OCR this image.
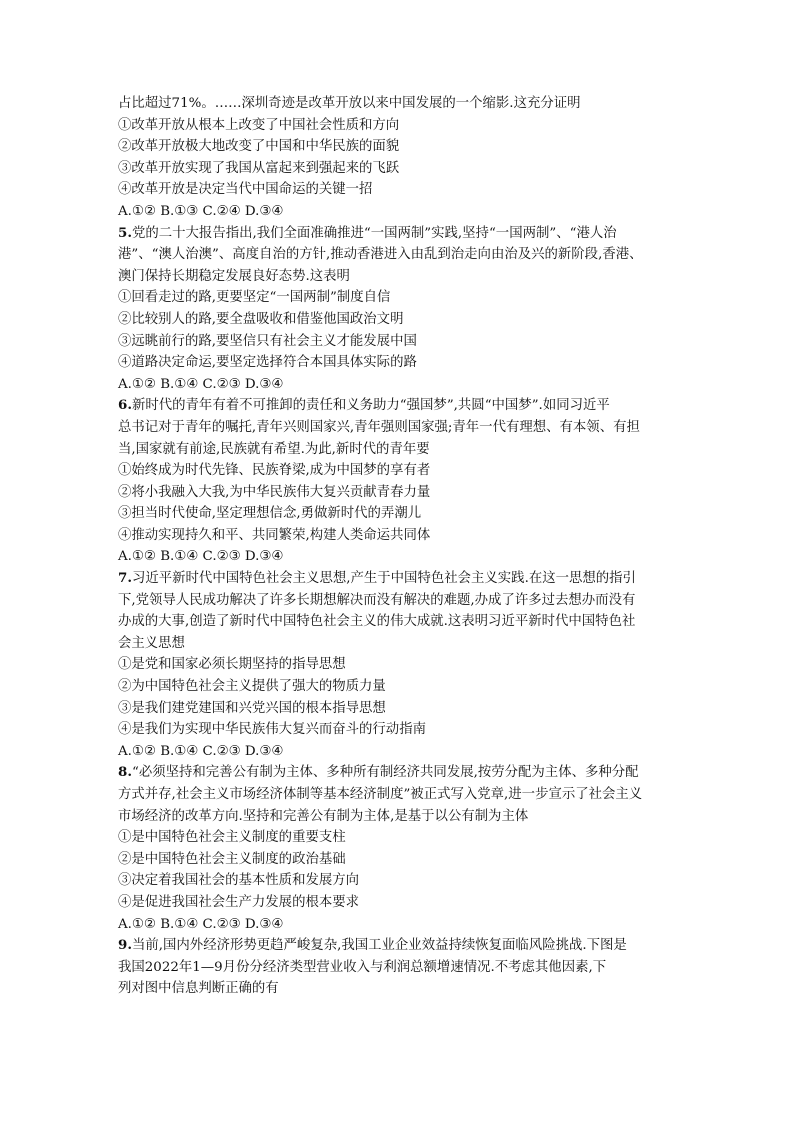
占比超过71%。……深圳奇迹是改革开放以来中国发展的一个缩影.这充分证明
①改革开放从根本上改变了中国社会性质和方向
②改革开放极大地改变了中国和中华民族的面貌
③改革开放实现了我国从富起来到强起来的飞跃
④改革开放是决定当代中国命运的关键一招
A.①② B.①③ C.②④ D.③④
5.党的二十大报告指出,我们全面准确推进“一国两制”实践,坚持“一国两制”、“港人治
港”、“澳人治澳”、高度自治的方针,推动香港进入由乱到治走向由治及兴的新阶段,香港、
澳门保持长期稳定发展良好态势.这表明
①回看走过的路,更要坚定“一国两制”制度自信
②比较别人的路,要全盘吸收和借鉴他国政治文明
③远眺前行的路,要坚信只有社会主义才能发展中国
④道路决定命运,要坚定选择符合本国具体实际的路
A.①② B.①④ C.②③ D.③④
6.新时代的青年有着不可推卸的责任和义务助力“强国梦”,共圆“中国梦”.如同习近平
总书记对于青年的嘱托,青年兴则国家兴,青年强则国家强;青年一代有理想、有本领、有担
当,国家就有前途,民族就有希望.为此,新时代的青年要
①始终成为时代先锋、民族脊梁,成为中国梦的享有者
②将小我融入大我,为中华民族伟大复兴贡献青春力量
③担当时代使命,坚定理想信念,勇做新时代的弄潮儿
④推动实现持久和平、共同繁荣,构建人类命运共同体
A.①② B.①④ C.②③ D.③④
7.习近平新时代中国特色社会主义思想,产生于中国特色社会主义实践.在这一思想的指引
下,党领导人民成功解决了许多长期想解决而没有解决的难题,办成了许多过去想办而没有
办成的大事,创造了新时代中国特色社会主义的伟大成就.这表明习近平新时代中国特色社
会主义思想
①是党和国家必须长期坚持的指导思想
②为中国特色社会主义提供了强大的物质力量
③是我们建党建国和兴党兴国的根本指导思想
④是我们为实现中华民族伟大复兴而奋斗的行动指南
A.①② B.①④ C.②③ D.③④
8.“必须坚持和完善公有制为主体、多种所有制经济共同发展,按劳分配为主体、多种分配
方式并存,社会主义市场经济体制等基本经济制度”被正式写入党章,进一步宣示了社会主义
市场经济的改革方向.坚持和完善公有制为主体,是基于以公有制为主体
①是中国特色社会主义制度的重要支柱
②是中国特色社会主义制度的政治基础
③决定着我国社会的基本性质和发展方向
④是促进我国社会生产力发展的根本要求
A.①② B.①④ C.②③ D.③④
9.当前,国内外经济形势更趋严峻复杂,我国工业企业效益持续恢复面临风险挑战.下图是
我国2022年1—9月份分经济类型营业收入与利润总额增速情况.不考虑其他因素,下
列对图中信息判断正确的有
